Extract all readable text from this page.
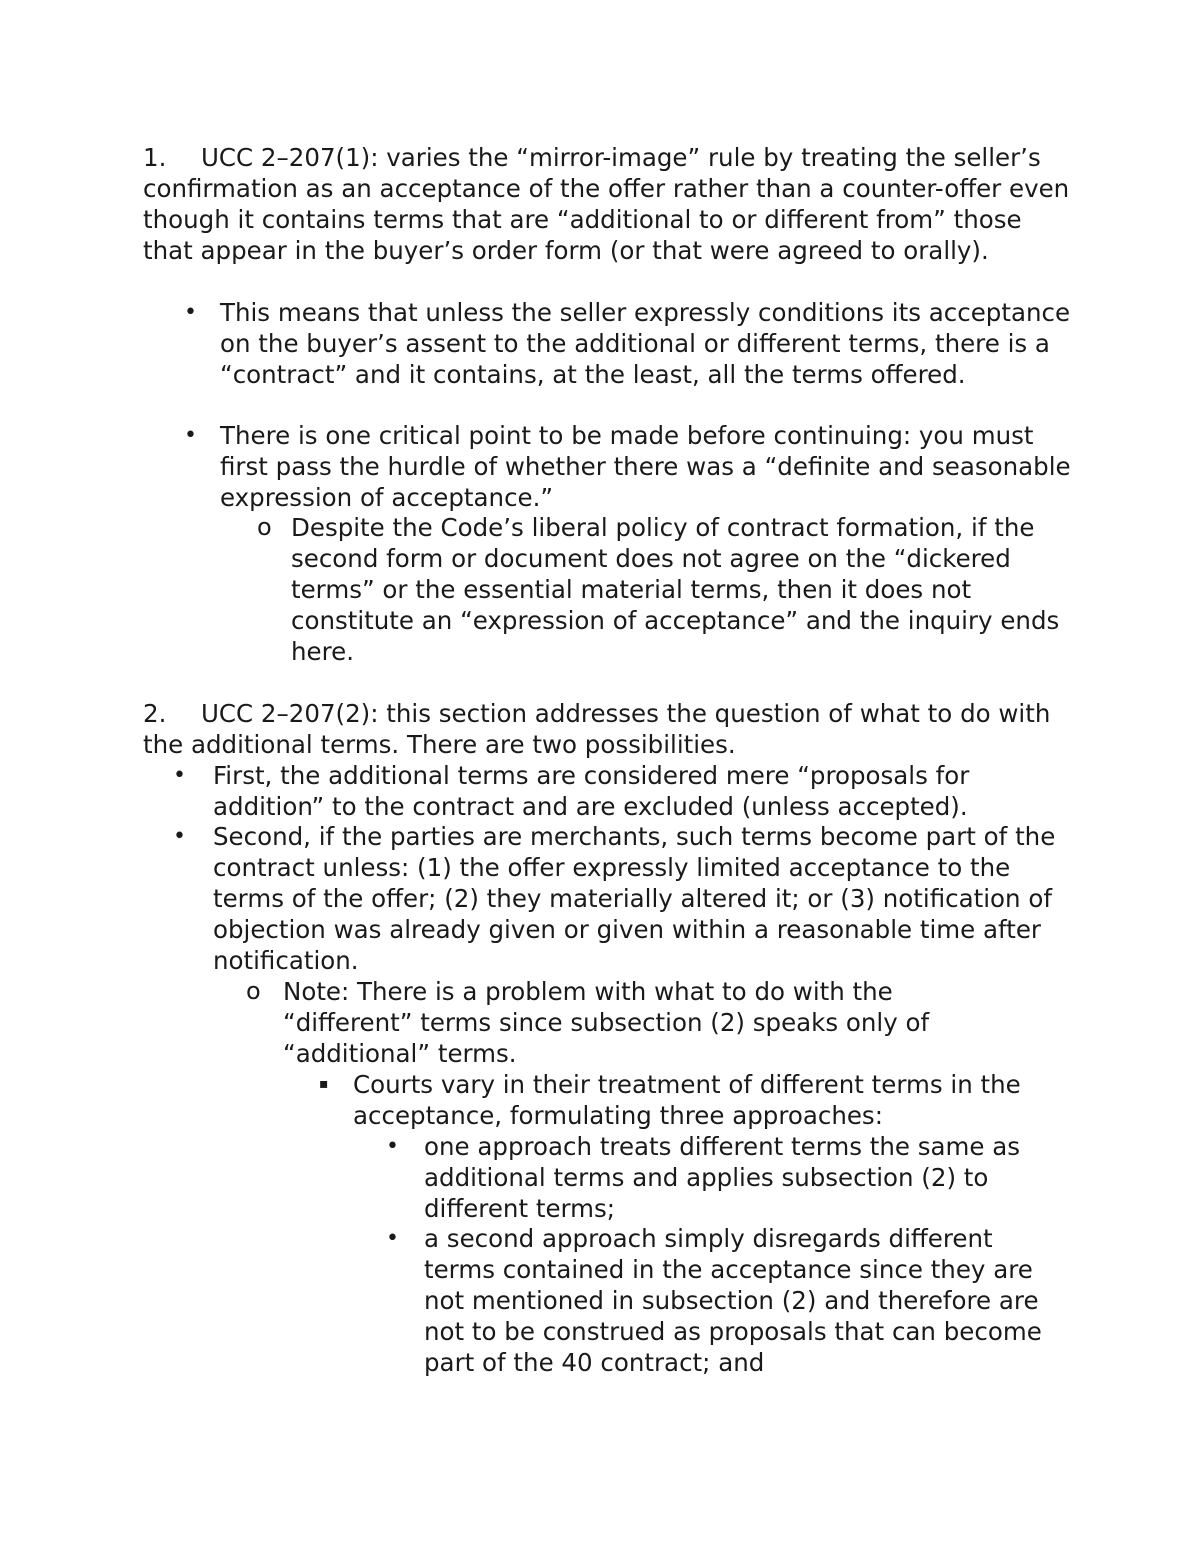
1. UCC 2–207(1): varies the “mirror-image” rule by treating the seller’s confirmation as an acceptance of the offer rather than a counter-offer even though it contains terms that are “additional to or different from” those that appear in the buyer’s order form (or that were agreed to orally).
• This means that unless the seller expressly conditions its acceptance on the buyer’s assent to the additional or different terms, there is a “contract” and it contains, at the least, all the terms offered.
• There is one critical point to be made before continuing: you must first pass the hurdle of whether there was a “definite and seasonable expression of acceptance.”
o Despite the Code’s liberal policy of contract formation, if the second form or document does not agree on the “dickered terms” or the essential material terms, then it does not constitute an “expression of acceptance” and the inquiry ends here.
2. UCC 2–207(2): this section addresses the question of what to do with the additional terms. There are two possibilities.
• First, the additional terms are considered mere “proposals for addition” to the contract and are excluded (unless accepted).
• Second, if the parties are merchants, such terms become part of the contract unless: (1) the offer expressly limited acceptance to the terms of the offer; (2) they materially altered it; or (3) notification of objection was already given or given within a reasonable time after notification.
o Note: There is a problem with what to do with the “different” terms since subsection (2) speaks only of “additional” terms.
▪ Courts vary in their treatment of different terms in the acceptance, formulating three approaches:
• one approach treats different terms the same as additional terms and applies subsection (2) to different terms;
• a second approach simply disregards different terms contained in the acceptance since they are not mentioned in subsection (2) and therefore are not to be construed as proposals that can become part of the 40 contract; and
